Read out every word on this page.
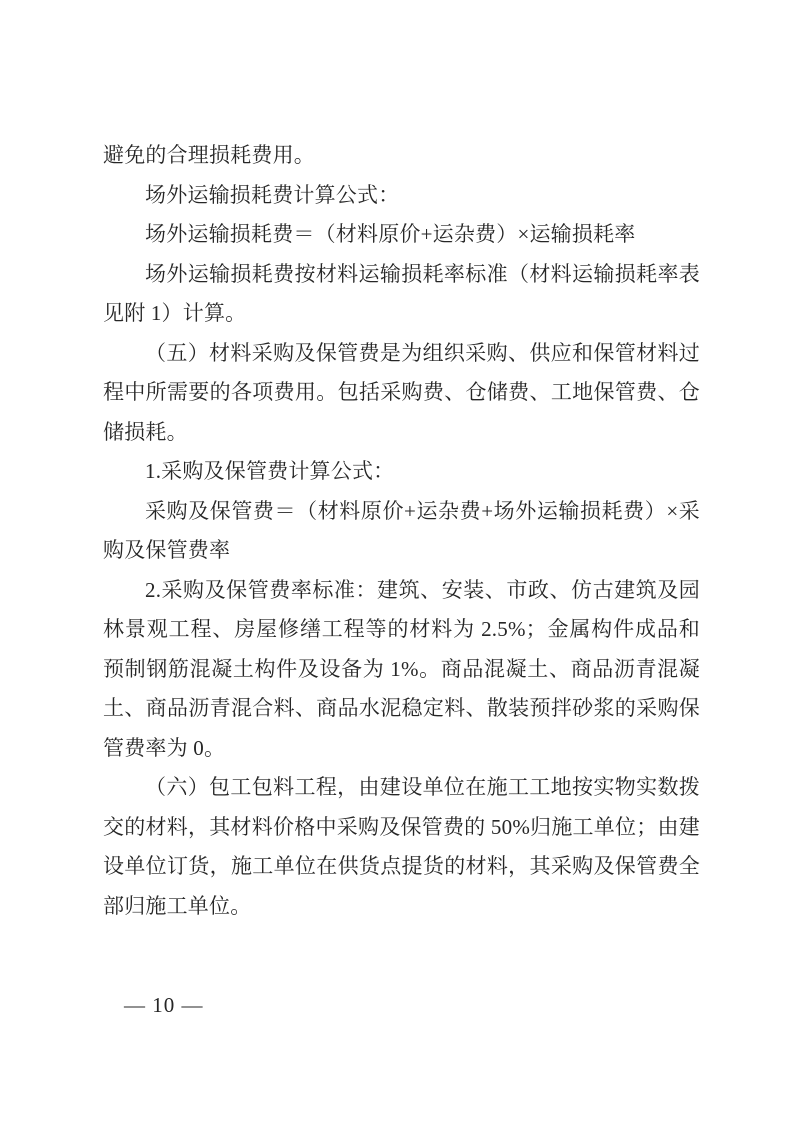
避免的合理损耗费用。

场外运输损耗费计算公式：

场外运输损耗费＝（材料原价+运杂费）×运输损耗率

场外运输损耗费按材料运输损耗率标准（材料运输损耗率表见附 1）计算。

（五）材料采购及保管费是为组织采购、供应和保管材料过程中所需要的各项费用。包括采购费、仓储费、工地保管费、仓储损耗。

1.采购及保管费计算公式：

采购及保管费＝（材料原价+运杂费+场外运输损耗费）×采购及保管费率

2.采购及保管费率标准：建筑、安装、市政、仿古建筑及园林景观工程、房屋修缮工程等的材料为 2.5%；金属构件成品和预制钢筋混凝土构件及设备为 1%。商品混凝土、商品沥青混凝土、商品沥青混合料、商品水泥稳定料、散装预拌砂浆的采购保管费率为 0。

（六）包工包料工程，由建设单位在施工工地按实物实数拨交的材料，其材料价格中采购及保管费的 50%归施工单位；由建设单位订货，施工单位在供货点提货的材料，其采购及保管费全部归施工单位。

— 10 —
